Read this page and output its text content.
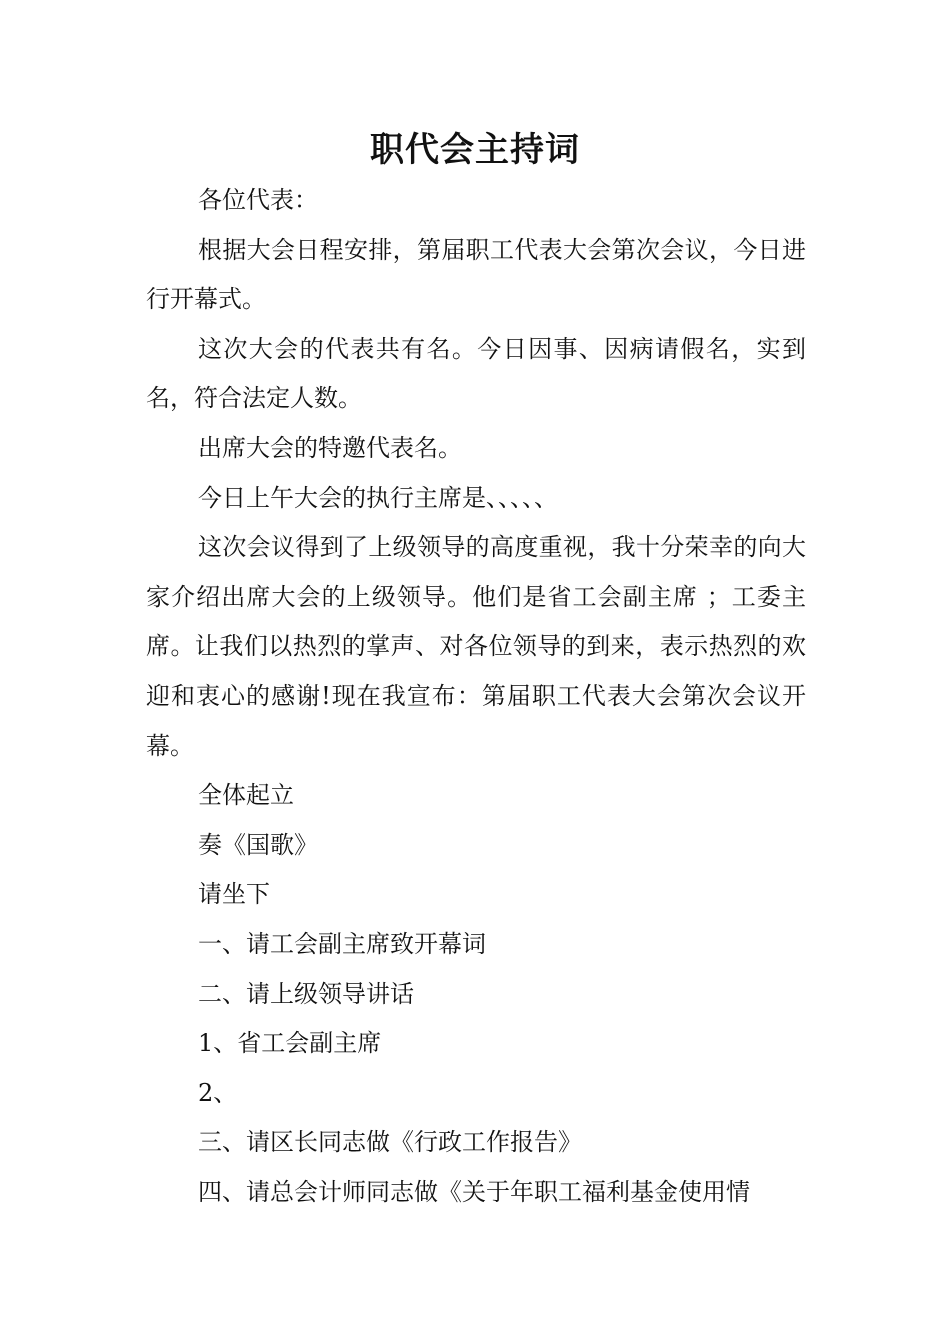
职代会主持词

各位代表：

根据大会日程安排，第届职工代表大会第次会议，今日进行开幕式。

这次大会的代表共有名。今日因事、因病请假名，实到名，符合法定人数。

出席大会的特邀代表名。

今日上午大会的执行主席是、、、、、

这次会议得到了上级领导的高度重视，我十分荣幸的向大家介绍出席大会的上级领导。他们是省工会副主席 ；工委主席。让我们以热烈的掌声、对各位领导的到来，表示热烈的欢迎和衷心的感谢!现在我宣布：第届职工代表大会第次会议开幕。

全体起立

奏《国歌》

请坐下

一、请工会副主席致开幕词

二、请上级领导讲话

1、省工会副主席

2、

三、请区长同志做《行政工作报告》

四、请总会计师同志做《关于年职工福利基金使用情
